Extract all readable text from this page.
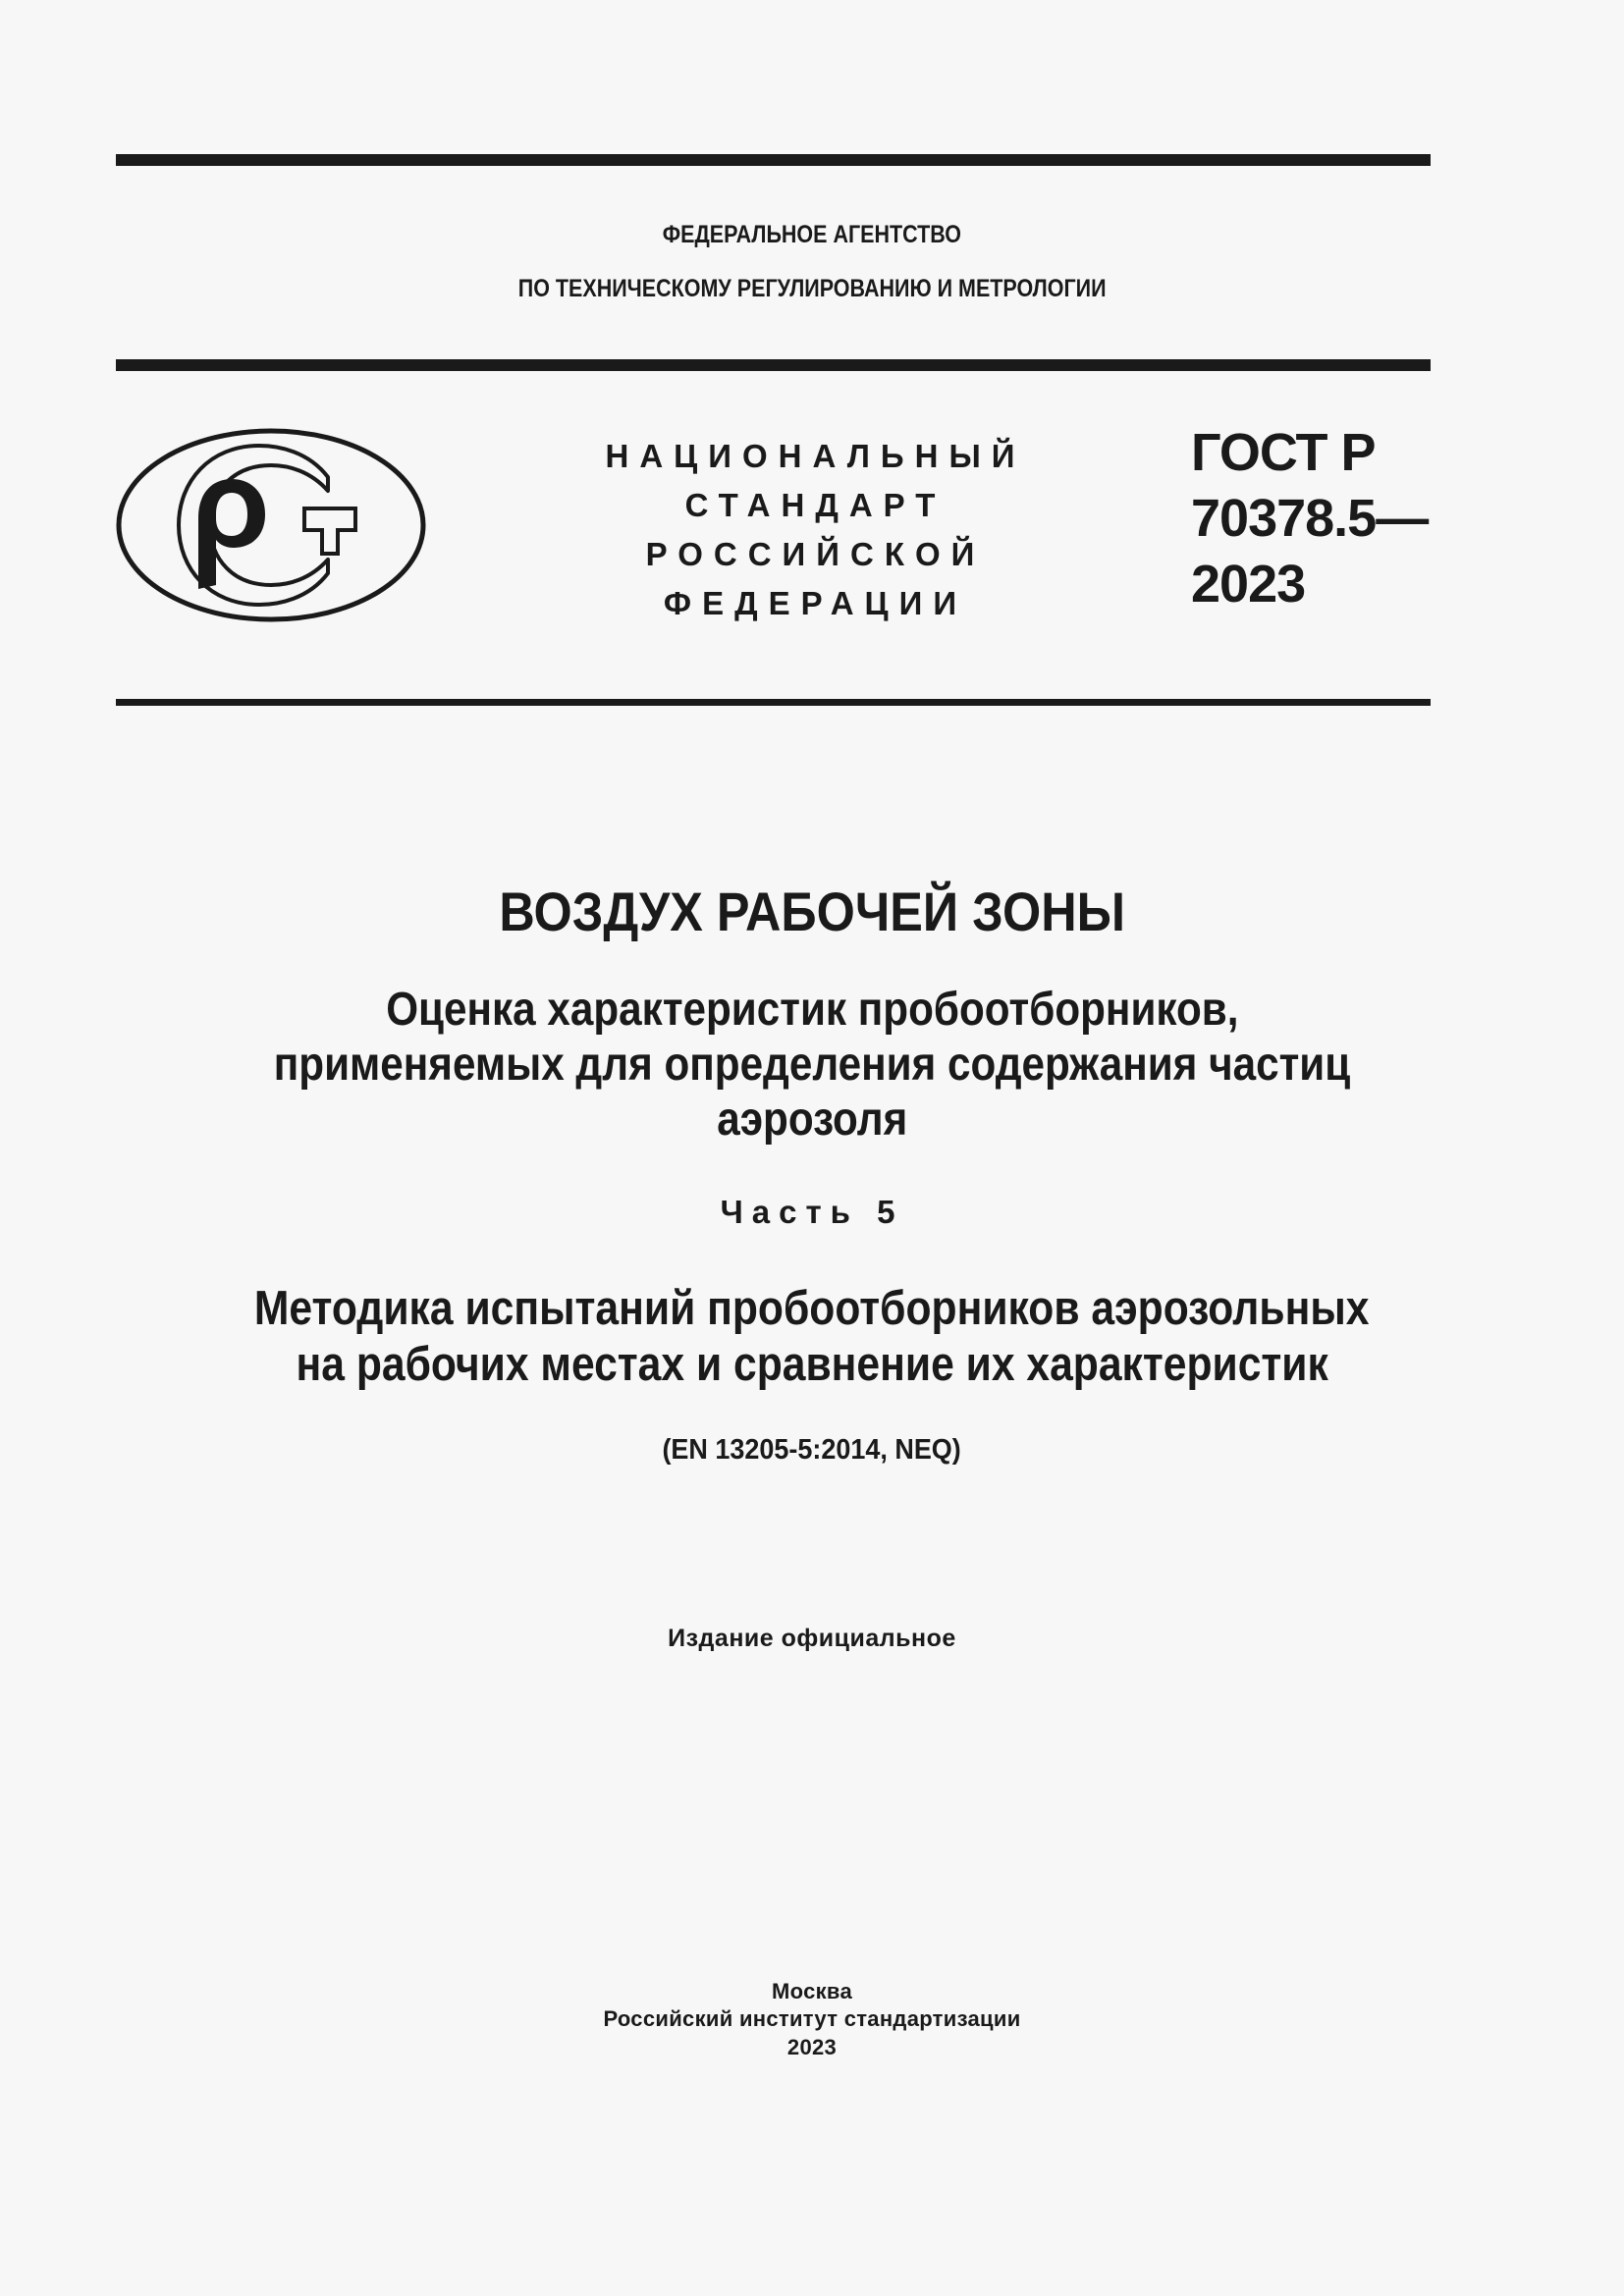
ФЕДЕРАЛЬНОЕ АГЕНТСТВО
ПО ТЕХНИЧЕСКОМУ РЕГУЛИРОВАНИЮ И МЕТРОЛОГИИ
НАЦИОНАЛЬНЫЙ
СТАНДАРТ
РОССИЙСКОЙ
ФЕДЕРАЦИИ
ГОСТ Р
70378.5—
2023
ВОЗДУХ РАБОЧЕЙ ЗОНЫ
Оценка характеристик пробоотборников,
применяемых для определения содержания частиц
аэрозоля
Часть 5
Методика испытаний пробоотборников аэрозольных
на рабочих местах и сравнение их характеристик
(EN 13205-5:2014, NEQ)
Издание официальное
Москва
Российский институт стандартизации
2023
